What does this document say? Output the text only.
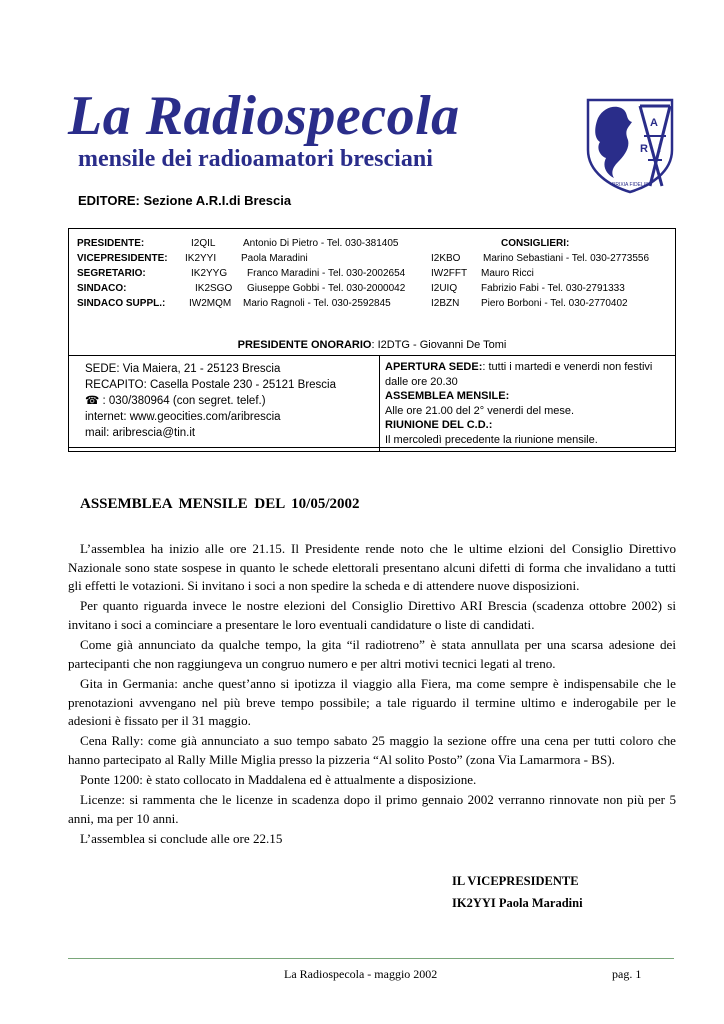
La Radiospecola
mensile dei radioamatori bresciani
EDITORE: Sezione A.R.I.di Brescia
A
R I
BRIXIA FIDELIS
PRESIDENTE:	I2QIL	Antonio Di Pietro - Tel. 030-381405
VICEPRESIDENTE: IK2YYI Paola Maradini
SEGRETARIO:	IK2YYG Franco Maradini - Tel. 030-2002654
SINDACO:	IK2SGO Giuseppe Gobbi - Tel. 030-2000042
SINDACO SUPPL.: IW2MQM Mario Ragnoli - Tel. 030-2592845
CONSIGLIERI:
I2KBO Marino Sebastiani - Tel. 030-2773556
IW2FFT Mauro Ricci
I2UIQ Fabrizio Fabi - Tel. 030-2791333
I2BZN Piero Borboni - Tel. 030-2770402
PRESIDENTE ONORARIO: I2DTG - Giovanni De Tomi
SEDE: Via Maiera, 21 - 25123 Brescia
RECAPITO: Casella Postale 230 - 25121 Brescia
☎ : 030/380964 (con segret. telef.)
internet: www.geocities.com/aribrescia
mail: aribrescia@tin.it
APERTURA SEDE:: tutti i martedi e venerdi non festivi
dalle ore 20.30
ASSEMBLEA MENSILE:
Alle ore 21.00 del 2° venerdi del mese.
RIUNIONE DEL C.D.:
Il mercoledì precedente la riunione mensile.
ASSEMBLEA MENSILE DEL 10/05/2002

L’assemblea ha inizio alle ore 21.15. Il Presidente rende noto che le ultime elzioni del Consiglio Direttivo Nazionale sono state sospese in quanto le schede elettorali presentano alcuni difetti di forma che invalidano a tutti gli effetti le votazioni. Si invitano i soci a non spedire la scheda e di attendere nuove disposizioni.

Per quanto riguarda invece le nostre elezioni del Consiglio Direttivo ARI Brescia (scadenza ottobre 2002) si invitano i soci a cominciare a presentare le loro eventuali candidature o liste di candidati.

Come già annunciato da qualche tempo, la gita “il radiotreno” è stata annullata per una scarsa adesione dei partecipanti che non raggiungeva un congruo numero e per altri motivi tecnici legati al treno.

Gita in Germania: anche quest’anno si ipotizza il viaggio alla Fiera, ma come sempre è indispensabile che le prenotazioni avvengano nel più breve tempo possibile; a tale riguardo il termine ultimo e inderogabile per le adesioni è fissato per il 31 maggio.

Cena Rally: come già annunciato a suo tempo sabato 25 maggio la sezione offre una cena per tutti coloro che hanno partecipato al Rally Mille Miglia presso la pizzeria “Al solito Posto” (zona Via Lamarmora - BS).

Ponte 1200: è stato collocato in Maddalena ed è attualmente a disposizione.

Licenze: si rammenta che le licenze in scadenza dopo il primo gennaio 2002 verranno rinnovate non più per 5 anni, ma per 10 anni.

L’assemblea si conclude alle ore 22.15

IL VICEPRESIDENTE
IK2YYI Paola Maradini
La Radiospecola - maggio 2002	pag. 1
